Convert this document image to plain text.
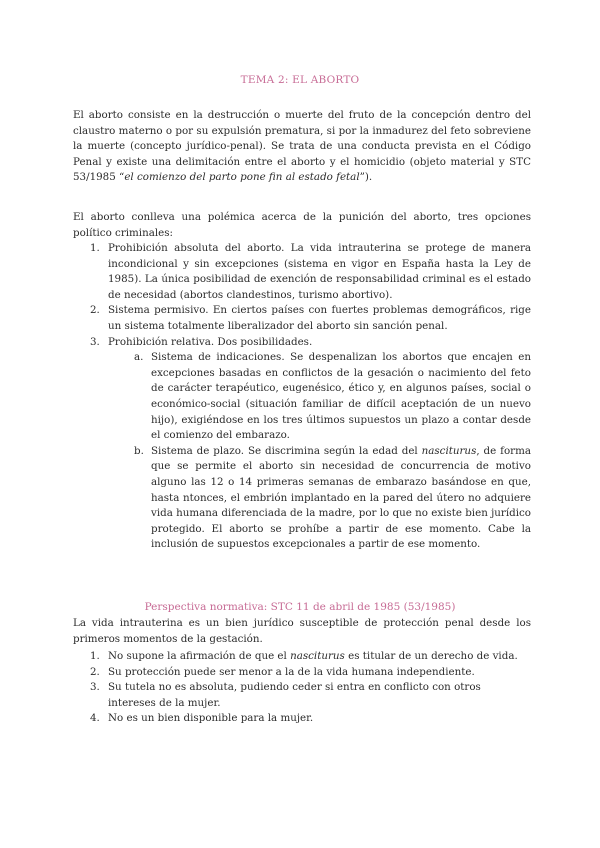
TEMA 2: EL ABORTO

El aborto consiste en la destrucción o muerte del fruto de la concepción dentro del claustro materno o por su expulsión prematura, si por la inmadurez del feto sobreviene la muerte (concepto jurídico-penal). Se trata de una conducta prevista en el Código Penal y existe una delimitación entre el aborto y el homicidio (objeto material y STC 53/1985 “el comienzo del parto pone fin al estado fetal”).

El aborto conlleva una polémica acerca de la punición del aborto, tres opciones político criminales:

1. Prohibición absoluta del aborto. La vida intrauterina se protege de manera incondicional y sin excepciones (sistema en vigor en España hasta la Ley de 1985). La única posibilidad de exención de responsabilidad criminal es el estado de necesidad (abortos clandestinos, turismo abortivo).
2. Sistema permisivo. En ciertos países con fuertes problemas demográficos, rige un sistema totalmente liberalizador del aborto sin sanción penal.
3. Prohibición relativa. Dos posibilidades.
a. Sistema de indicaciones. Se despenalizan los abortos que encajen en excepciones basadas en conflictos de la gesación o nacimiento del feto de carácter terapéutico, eugenésico, ético y, en algunos países, social o económico-social (situación familiar de difícil aceptación de un nuevo hijo), exigiéndose en los tres últimos supuestos un plazo a contar desde el comienzo del embarazo.
b. Sistema de plazo. Se discrimina según la edad del nasciturus, de forma que se permite el aborto sin necesidad de concurrencia de motivo alguno las 12 o 14 primeras semanas de embarazo basándose en que, hasta ntonces, el embrión implantado en la pared del útero no adquiere vida humana diferenciada de la madre, por lo que no existe bien jurídico protegido. El aborto se prohíbe a partir de ese momento. Cabe la inclusión de supuestos excepcionales a partir de ese momento.
Perspectiva normativa: STC 11 de abril de 1985 (53/1985)

La vida intrauterina es un bien jurídico susceptible de protección penal desde los primeros momentos de la gestación.

1. No supone la afirmación de que el nasciturus es titular de un derecho de vida.
2. Su protección puede ser menor a la de la vida humana independiente.
3. Su tutela no es absoluta, pudiendo ceder si entra en conflicto con otros intereses de la mujer.
4. No es un bien disponible para la mujer.
